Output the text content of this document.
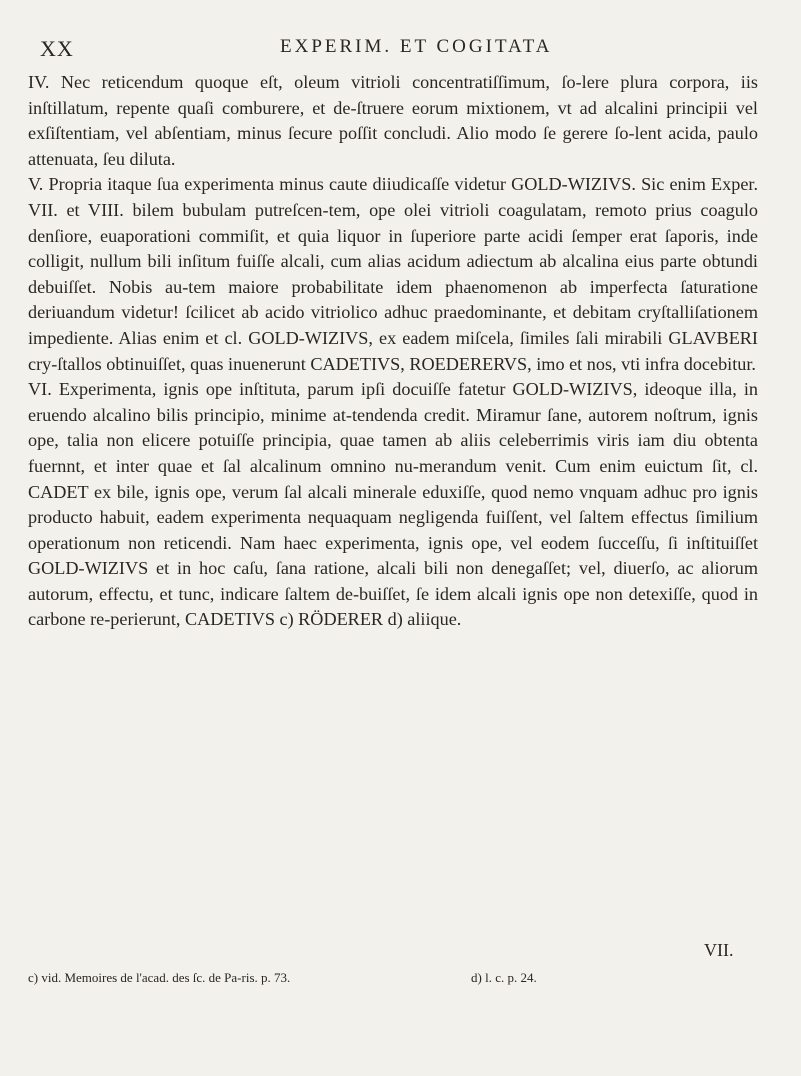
XX	EXPERIM. ET COGITATA

IV. Nec reticendum quoque eſt, oleum vitrioli concentratiſſimum, ſo-lere plura corpora, iis inſtillatum, repente quaſi comburere, et de-ſtruere eorum mixtionem, vt ad alcalini principii vel exſiſtentiam, vel abſentiam, minus ſecure poſſit concludi. Alio modo ſe gerere ſo-lent acida, paulo attenuata, ſeu diluta.

V. Propria itaque ſua experimenta minus caute diiudicaſſe videtur GOLD-WIZIVS. Sic enim Exper. VII. et VIII. bilem bubulam putreſcen-tem, ope olei vitrioli coagulatam, remoto prius coagulo denſiore, euaporationi commiſit, et quia liquor in ſuperiore parte acidi ſemper erat ſaporis, inde colligit, nullum bili inſitum fuiſſe alcali, cum alias acidum adiectum ab alcalina eius parte obtundi debuiſſet. Nobis au-tem maiore probabilitate idem phaenomenon ab imperfecta ſaturatione deriuandum videtur! ſcilicet ab acido vitriolico adhuc praedominante, et debitam cryſtalliſationem impediente. Alias enim et cl. GOLD-WIZIVS, ex eadem miſcela, ſimiles ſali mirabili GLAVBERI cry-ſtallos obtinuiſſet, quas inuenerunt CADETIVS, ROEDERERVS, imo et nos, vti infra docebitur.

VI. Experimenta, ignis ope inſtituta, parum ipſi docuiſſe fatetur GOLD-WIZIVS, ideoque illa, in eruendo alcalino bilis principio, minime at-tendenda credit. Miramur ſane, autorem noſtrum, ignis ope, talia non elicere potuiſſe principia, quae tamen ab aliis celeberrimis viris iam diu obtenta fuernnt, et inter quae et ſal alcalinum omnino nu-merandum venit. Cum enim euictum ſit, cl. CADET ex bile, ignis ope, verum ſal alcali minerale eduxiſſe, quod nemo vnquam adhuc pro ignis producto habuit, eadem experimenta nequaquam negligenda fuiſſent, vel ſaltem effectus ſimilium operationum non reticendi. Nam haec experimenta, ignis ope, vel eodem ſucceſſu, ſi inſtituiſſet GOLD-WIZIVS et in hoc caſu, ſana ratione, alcali bili non denegaſſet; vel, diuerſo, ac aliorum autorum, effectu, et tunc, indicare ſaltem de-buiſſet, ſe idem alcali ignis ope non detexiſſe, quod in carbone re-perierunt, CADETIVS c) RÖDERER d) aliique.

VII.
c) vid. Memoires de l'acad. des ſc. de Pa-ris. p. 73.	d) l. c. p. 24.
